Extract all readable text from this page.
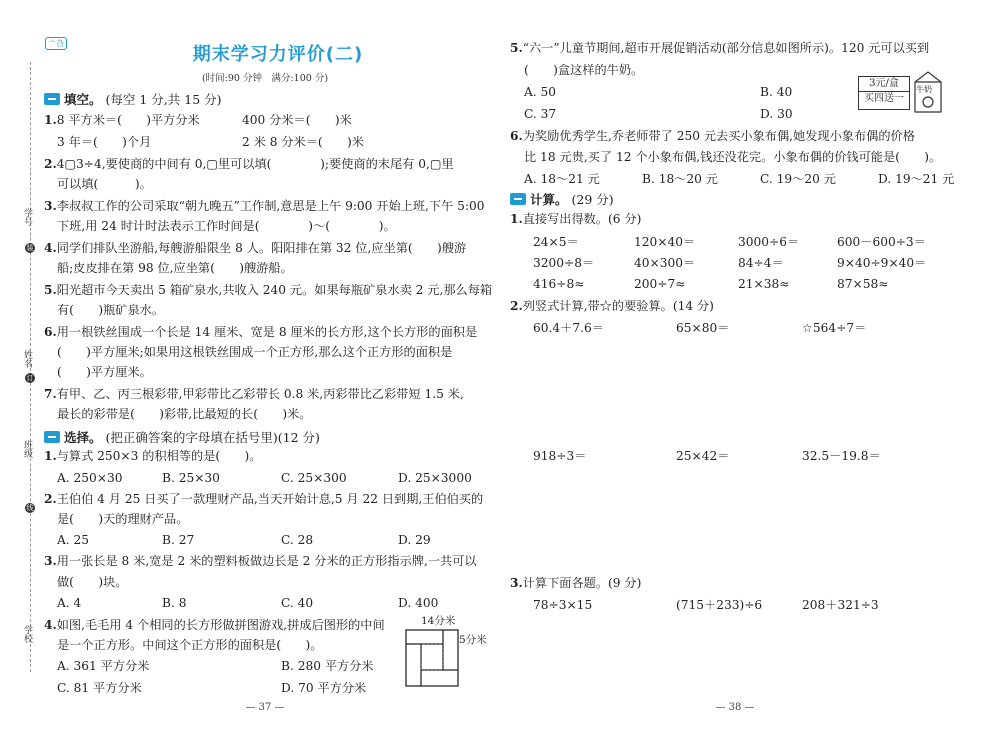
学号
姓名
班级
学校
装
订
线
亠叴
期末学习力评价(二)
(时间:90 分钟　满分:100 分)
填空。 (每空 1 分,共 15 分)
1.8 平方米＝(　　)平方分米	400 分米＝(　　)米
3 年＝(　　)个月	2 米 8 分米＝(　　)米
2.4▢3÷4,要使商的中间有 0,▢里可以填(　　　　);要使商的末尾有 0,▢里
可以填(　　　)。
3.李叔叔工作的公司采取“朝九晚五”工作制,意思是上午 9:00 开始上班,下午 5:00
下班,用 24 时计时法表示工作时间是(　　　　)～(　　　　)。
4.同学们排队坐游船,每艘游船限坐 8 人。阳阳排在第 32 位,应坐第(　　)艘游
船;皮皮排在第 98 位,应坐第(　　)艘游船。
5.阳光超市今天卖出 5 箱矿泉水,共收入 240 元。如果每瓶矿泉水卖 2 元,那么每箱
有(　　)瓶矿泉水。
6.用一根铁丝围成一个长是 14 厘米、宽是 8 厘米的长方形,这个长方形的面积是
(　　)平方厘米;如果用这根铁丝围成一个正方形,那么这个正方形的面积是
(　　)平方厘米。
7.有甲、乙、丙三根彩带,甲彩带比乙彩带长 0.8 米,丙彩带比乙彩带短 1.5 米,
最长的彩带是(　　)彩带,比最短的长(　　)米。
选择。 (把正确答案的字母填在括号里)(12 分)
1.与算式 250×3 的积相等的是(　　)。
A. 250×30	B. 25×30	C. 25×300	D. 25×3000
2.王伯伯 4 月 25 日买了一款理财产品,当天开始计息,5 月 22 日到期,王伯伯买的
是(　　)天的理财产品。
A. 25	B. 27	C. 28	D. 29
3.用一张长是 8 米,宽是 2 米的塑料板做边长是 2 分米的正方形指示牌,一共可以
做(　　)块。
A. 4	B. 8	C. 40	D. 400
4.如图,毛毛用 4 个相同的长方形做拼图游戏,拼成后图形的中间
是一个正方形。中间这个正方形的面积是(　　)。
A. 361 平方分米	B. 280 平方分米
C. 81 平方分米	D. 70 平方分米
14分米
5分米
— 37 —
5.“六一”儿童节期间,超市开展促销活动(部分信息如图所示)。120 元可以买到
(　　)盒这样的牛奶。
A. 50	B. 40
C. 37	D. 30
3元/盒
买四送一
牛奶
6.为奖励优秀学生,乔老师带了 250 元去买小象布偶,她发现小象布偶的价格
比 18 元贵,买了 12 个小象布偶,钱还没花完。小象布偶的价钱可能是(　　)。
A. 18～21 元	B. 18～20 元	C. 19～20 元	D. 19～21 元
计算。 (29 分)
1.直接写出得数。(6 分)
24×5＝	120×40＝	3000÷6＝	600－600÷3＝
3200÷8＝	40×300＝	84÷4＝	9×40÷9×40＝
416÷8≈	200÷7≈	21×38≈	87×58≈
2.列竖式计算,带☆的要验算。(14 分)
60.4＋7.6＝	65×80＝	☆564÷7＝
918÷3＝	25×42＝	32.5－19.8＝
3.计算下面各题。(9 分)
78÷3×15	(715＋233)÷6	208＋321÷3
— 38 —
